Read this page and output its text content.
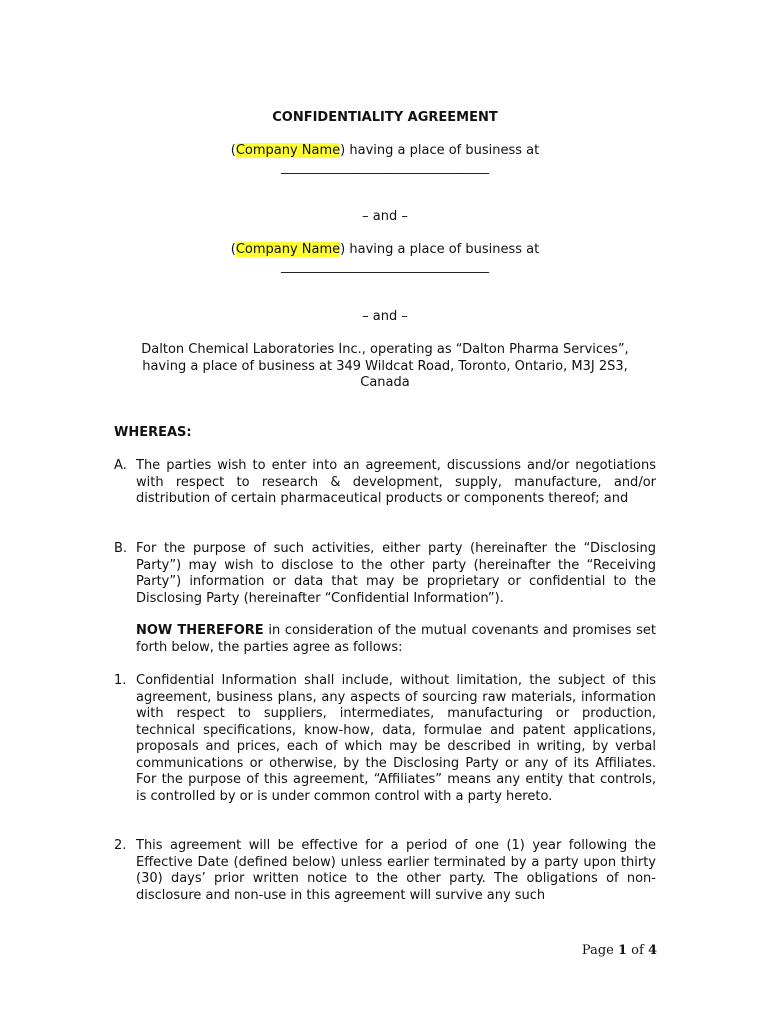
CONFIDENTIALITY AGREEMENT
(Company Name) having a place of business at
________________________________
– and –
(Company Name) having a place of business at
________________________________
– and –
Dalton Chemical Laboratories Inc., operating as “Dalton Pharma Services”, having a place of business at 349 Wildcat Road, Toronto, Ontario, M3J 2S3, Canada
WHEREAS:
A. The parties wish to enter into an agreement, discussions and/or negotiations with respect to research & development, supply, manufacture, and/or distribution of certain pharmaceutical products or components thereof; and
B. For the purpose of such activities, either party (hereinafter the “Disclosing Party”) may wish to disclose to the other party (hereinafter the “Receiving Party”) information or data that may be proprietary or confidential to the Disclosing Party (hereinafter “Confidential Information”).
NOW THEREFORE in consideration of the mutual covenants and promises set forth below, the parties agree as follows:
1. Confidential Information shall include, without limitation, the subject of this agreement, business plans, any aspects of sourcing raw materials, information with respect to suppliers, intermediates, manufacturing or production, technical specifications, know-how, data, formulae and patent applications, proposals and prices, each of which may be described in writing, by verbal communications or otherwise, by the Disclosing Party or any of its Affiliates. For the purpose of this agreement, “Affiliates” means any entity that controls, is controlled by or is under common control with a party hereto.
2. This agreement will be effective for a period of one (1) year following the Effective Date (defined below) unless earlier terminated by a party upon thirty (30) days’ prior written notice to the other party. The obligations of non-disclosure and non-use in this agreement will survive any such
Page 1 of 4
